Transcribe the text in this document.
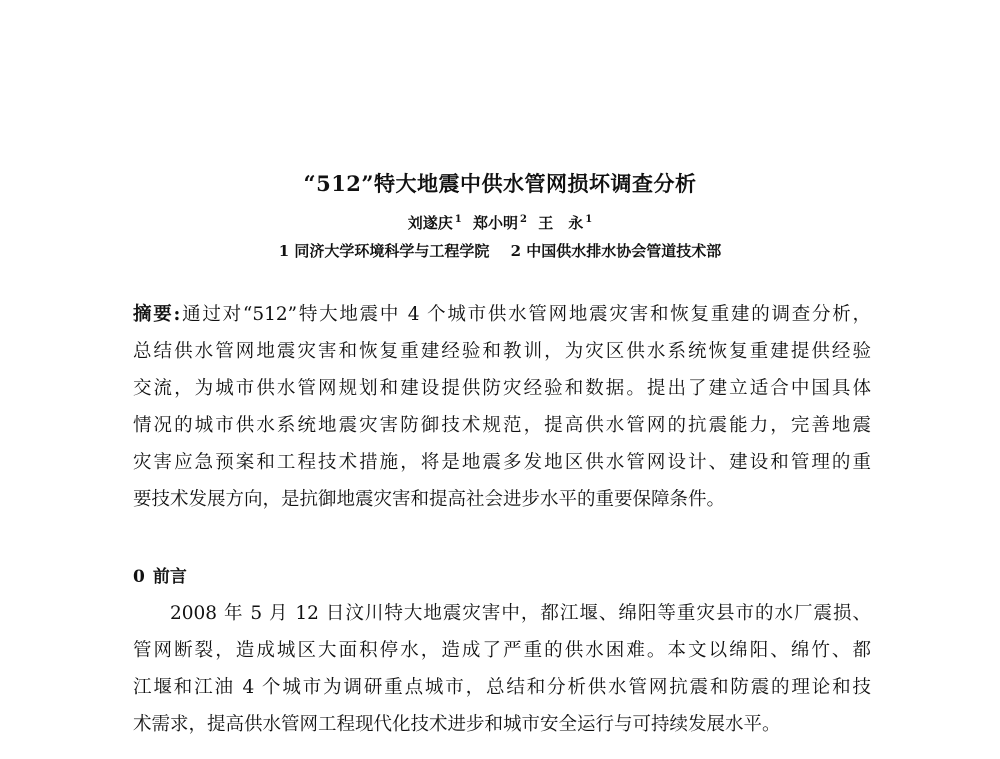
“512”特大地震中供水管网损坏调查分析
刘遂庆 $^1$ 郑小明 $^2$ 王　永 $^1$
1 同济大学环境科学与工程学院 2 中国供水排水协会管道技术部
摘要:通过对“512”特大地震中 4 个城市供水管网地震灾害和恢复重建的调查分析，
总结供水管网地震灾害和恢复重建经验和教训，为灾区供水系统恢复重建提供经验
交流，为城市供水管网规划和建设提供防灾经验和数据。提出了建立适合中国具体
情况的城市供水系统地震灾害防御技术规范，提高供水管网的抗震能力，完善地震
灾害应急预案和工程技术措施，将是地震多发地区供水管网设计、建设和管理的重
要技术发展方向，是抗御地震灾害和提高社会进步水平的重要保障条件。
0 前言
2008 年 5 月 12 日汶川特大地震灾害中，都江堰、绵阳等重灾县市的水厂震损、
管网断裂，造成城区大面积停水，造成了严重的供水困难。本文以绵阳、绵竹、都
江堰和江油 4 个城市为调研重点城市，总结和分析供水管网抗震和防震的理论和技
术需求，提高供水管网工程现代化技术进步和城市安全运行与可持续发展水平。
